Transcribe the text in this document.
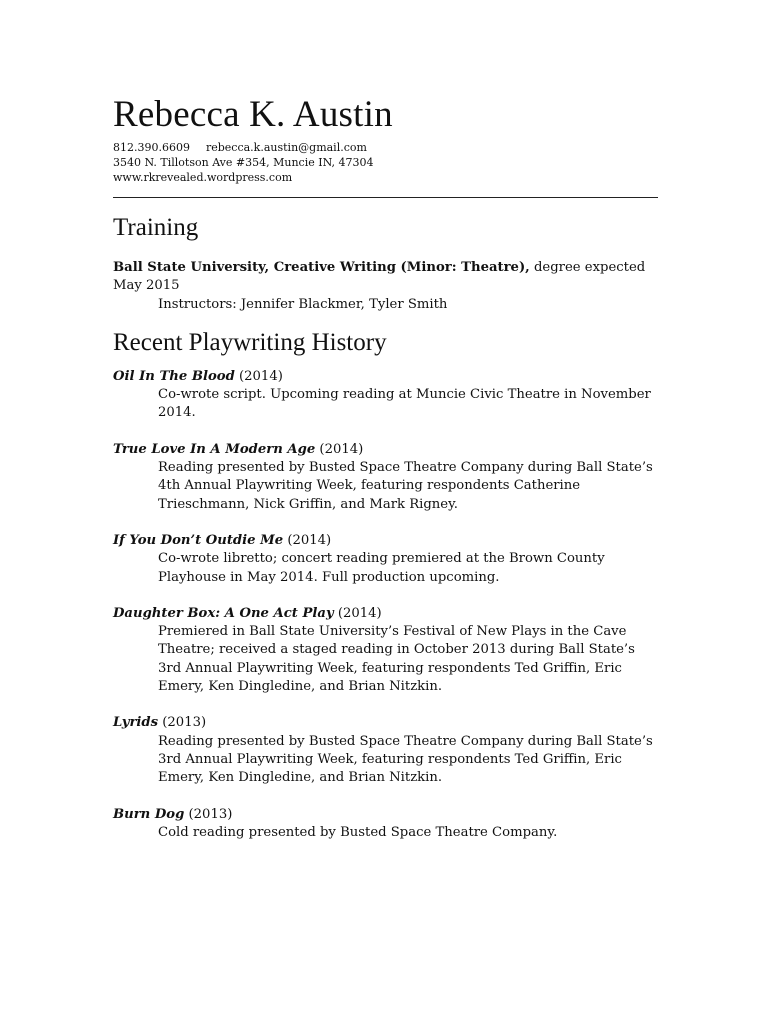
Rebecca K. Austin

812.390.6609 rebecca.k.austin@gmail.com

3540 N. Tillotson Ave #354, Muncie IN, 47304

www.rkrevealed.wordpress.com

Training

Ball State University, Creative Writing (Minor: Theatre), degree expected May 2015

Instructors: Jennifer Blackmer, Tyler Smith

Recent Playwriting History

Oil In The Blood (2014)

Co-wrote script. Upcoming reading at Muncie Civic Theatre in November 2014.

True Love In A Modern Age (2014)

Reading presented by Busted Space Theatre Company during Ball State’s 4th Annual Playwriting Week, featuring respondents Catherine Trieschmann, Nick Griffin, and Mark Rigney.

If You Don’t Outdie Me (2014)

Co-wrote libretto; concert reading premiered at the Brown County Playhouse in May 2014. Full production upcoming.

Daughter Box: A One Act Play (2014)

Premiered in Ball State University’s Festival of New Plays in the Cave Theatre; received a staged reading in October 2013 during Ball State’s 3rd Annual Playwriting Week, featuring respondents Ted Griffin, Eric Emery, Ken Dingledine, and Brian Nitzkin.

Lyrids (2013)

Reading presented by Busted Space Theatre Company during Ball State’s 3rd Annual Playwriting Week, featuring respondents Ted Griffin, Eric Emery, Ken Dingledine, and Brian Nitzkin.

Burn Dog (2013)

Cold reading presented by Busted Space Theatre Company.
